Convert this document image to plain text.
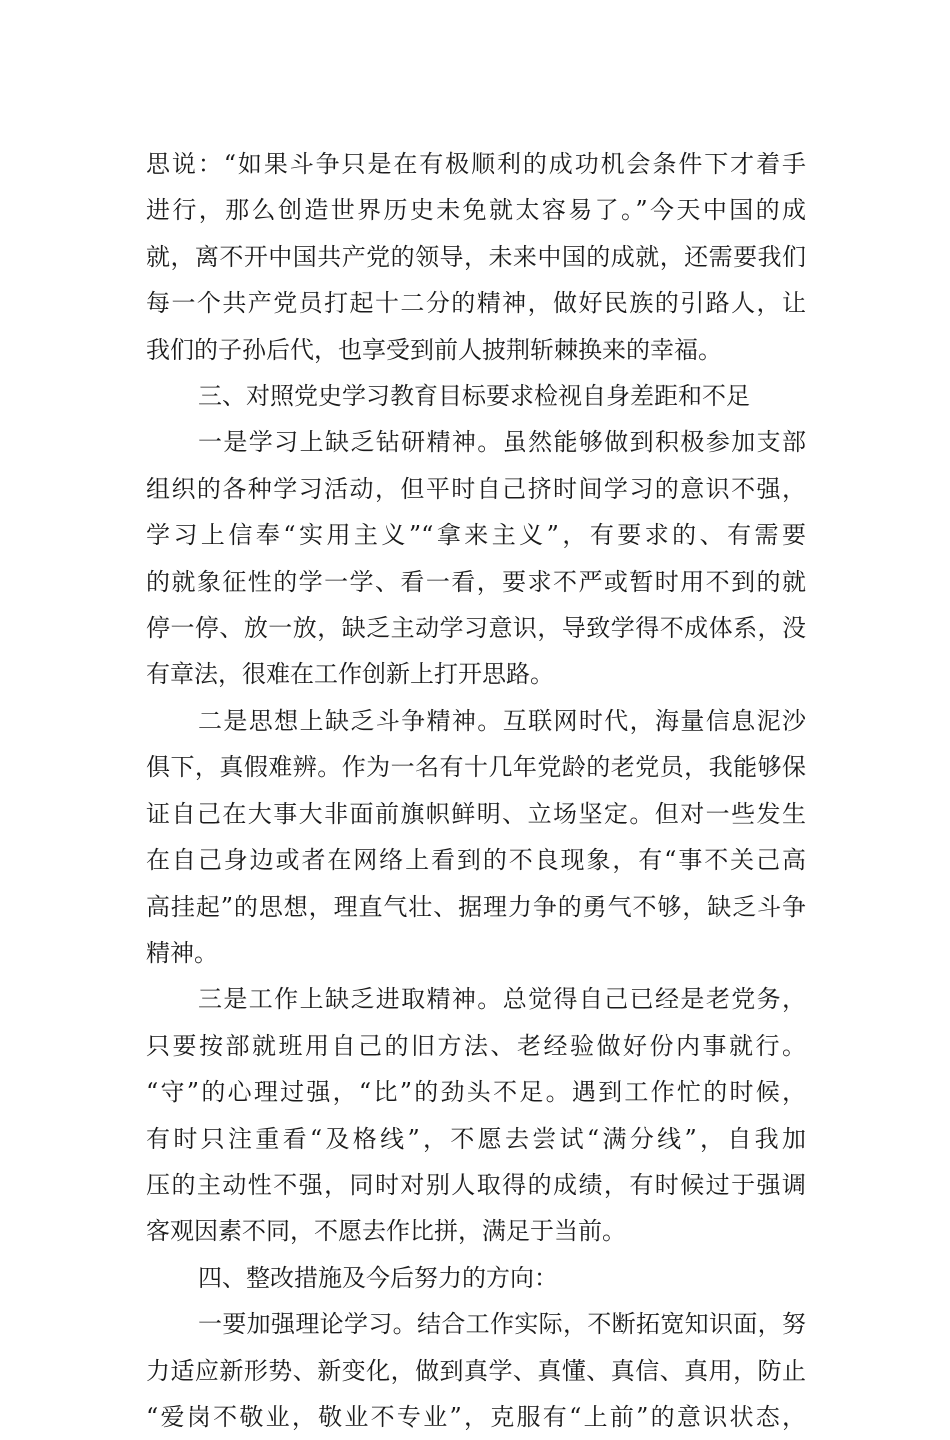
思说：“如果斗争只是在有极顺利的成功机会条件下才着手
进行，那么创造世界历史未免就太容易了。”今天中国的成
就，离不开中国共产党的领导，未来中国的成就，还需要我们
每一个共产党员打起十二分的精神，做好民族的引路人，让
我们的子孙后代，也享受到前人披荆斩棘换来的幸福。

三、对照党史学习教育目标要求检视自身差距和不足

一是学习上缺乏钻研精神。虽然能够做到积极参加支部
组织的各种学习活动，但平时自己挤时间学习的意识不强，
学习上信奉“实用主义”“拿来主义”，有要求的、有需要
的就象征性的学一学、看一看，要求不严或暂时用不到的就
停一停、放一放，缺乏主动学习意识，导致学得不成体系，没
有章法，很难在工作创新上打开思路。

二是思想上缺乏斗争精神。互联网时代，海量信息泥沙
俱下，真假难辨。作为一名有十几年党龄的老党员，我能够保
证自己在大事大非面前旗帜鲜明、立场坚定。但对一些发生
在自己身边或者在网络上看到的不良现象，有“事不关己高
高挂起”的思想，理直气壮、据理力争的勇气不够，缺乏斗争
精神。

三是工作上缺乏进取精神。总觉得自己已经是老党务，
只要按部就班用自己的旧方法、老经验做好份内事就行。
“守”的心理过强，“比”的劲头不足。遇到工作忙的时候，
有时只注重看“及格线”，不愿去尝试“满分线”，自我加
压的主动性不强，同时对别人取得的成绩，有时候过于强调
客观因素不同，不愿去作比拼，满足于当前。

四、整改措施及今后努力的方向：

一要加强理论学习。结合工作实际，不断拓宽知识面，努
力适应新形势、新变化，做到真学、真懂、真信、真用，防止
“爱岗不敬业，敬业不专业”，克服有“上前”的意识状态，
